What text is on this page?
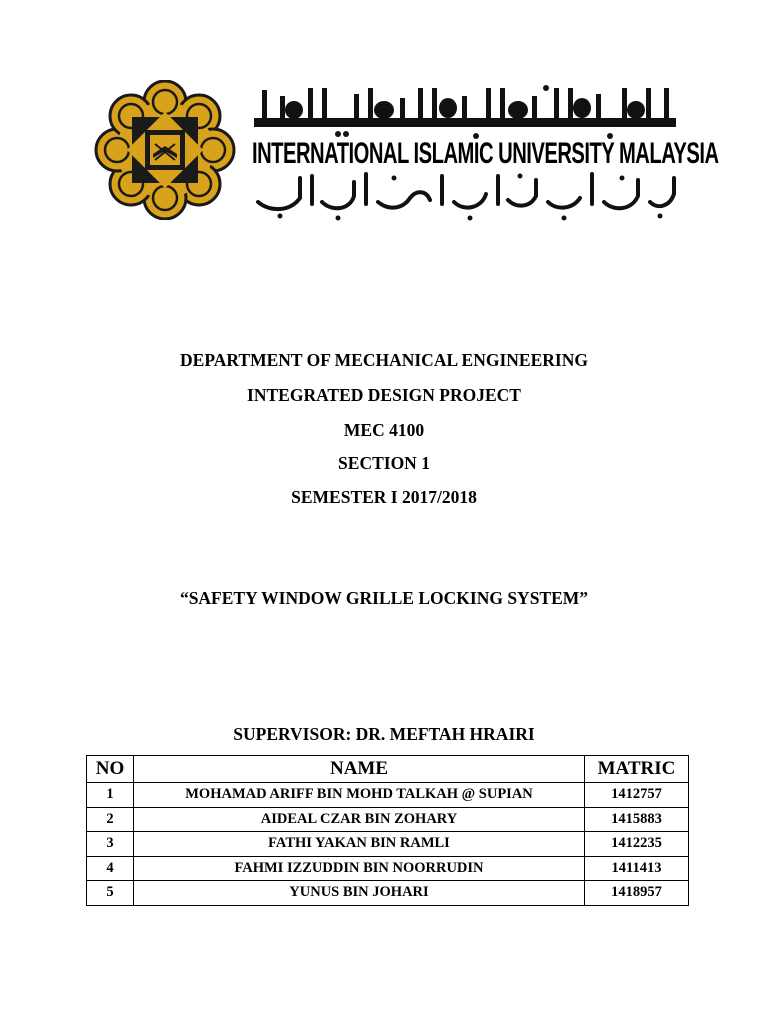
INTERNATIONAL ISLAMIC UNIVERSITY MALAYSIA
DEPARTMENT OF MECHANICAL ENGINEERING
INTEGRATED DESIGN PROJECT
MEC 4100
SECTION 1
SEMESTER I 2017/2018
“SAFETY WINDOW GRILLE LOCKING SYSTEM”
SUPERVISOR: DR. MEFTAH HRAIRI
NO	NAME	MATRIC
1	MOHAMAD ARIFF BIN MOHD TALKAH @ SUPIAN	1412757
2	AIDEAL CZAR BIN ZOHARY	1415883
3	FATHI YAKAN BIN RAMLI	1412235
4	FAHMI IZZUDDIN BIN NOORRUDIN	1411413
5	YUNUS BIN JOHARI	1418957
